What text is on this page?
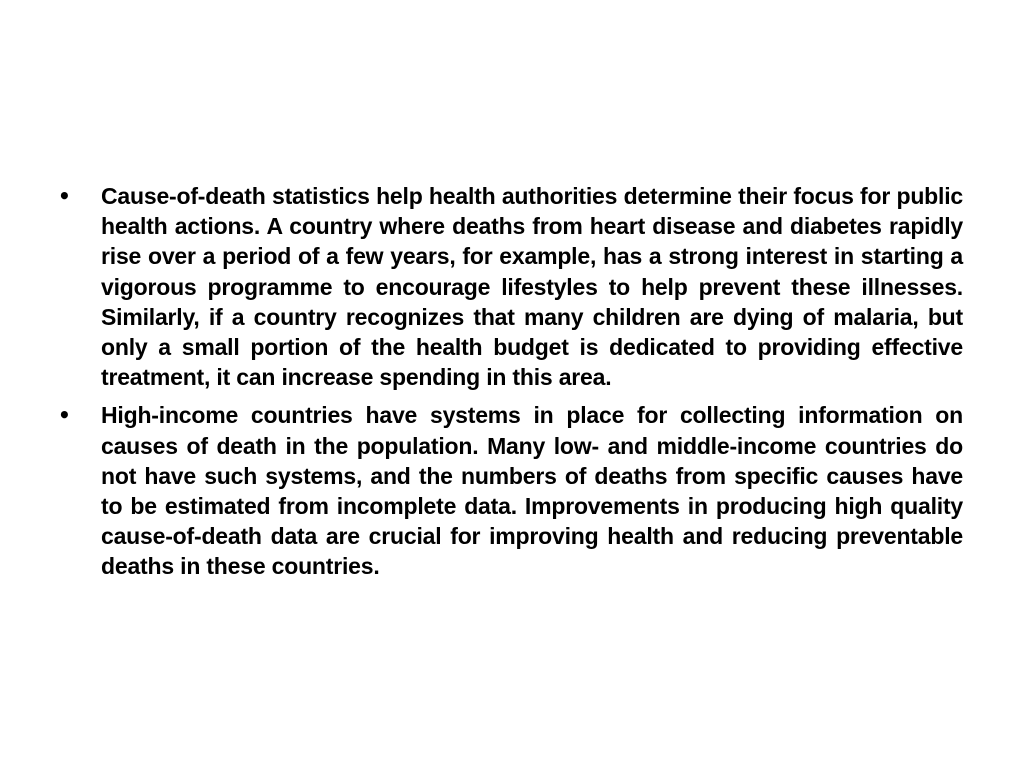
•	Cause-of-death statistics help health authorities determine their focus for public health actions. A country where deaths from heart disease and diabetes rapidly rise over a period of a few years, for example, has a strong interest in starting a vigorous programme to encourage lifestyles to help prevent these illnesses. Similarly, if a country recognizes that many children are dying of malaria, but only a small portion of the health budget is dedicated to providing effective treatment, it can increase spending in this area.
•	High-income countries have systems in place for collecting information on causes of death in the population. Many low- and middle-income countries do not have such systems, and the numbers of deaths from specific causes have to be estimated from incomplete data. Improvements in producing high quality cause-of-death data are crucial for improving health and reducing preventable deaths in these countries.
